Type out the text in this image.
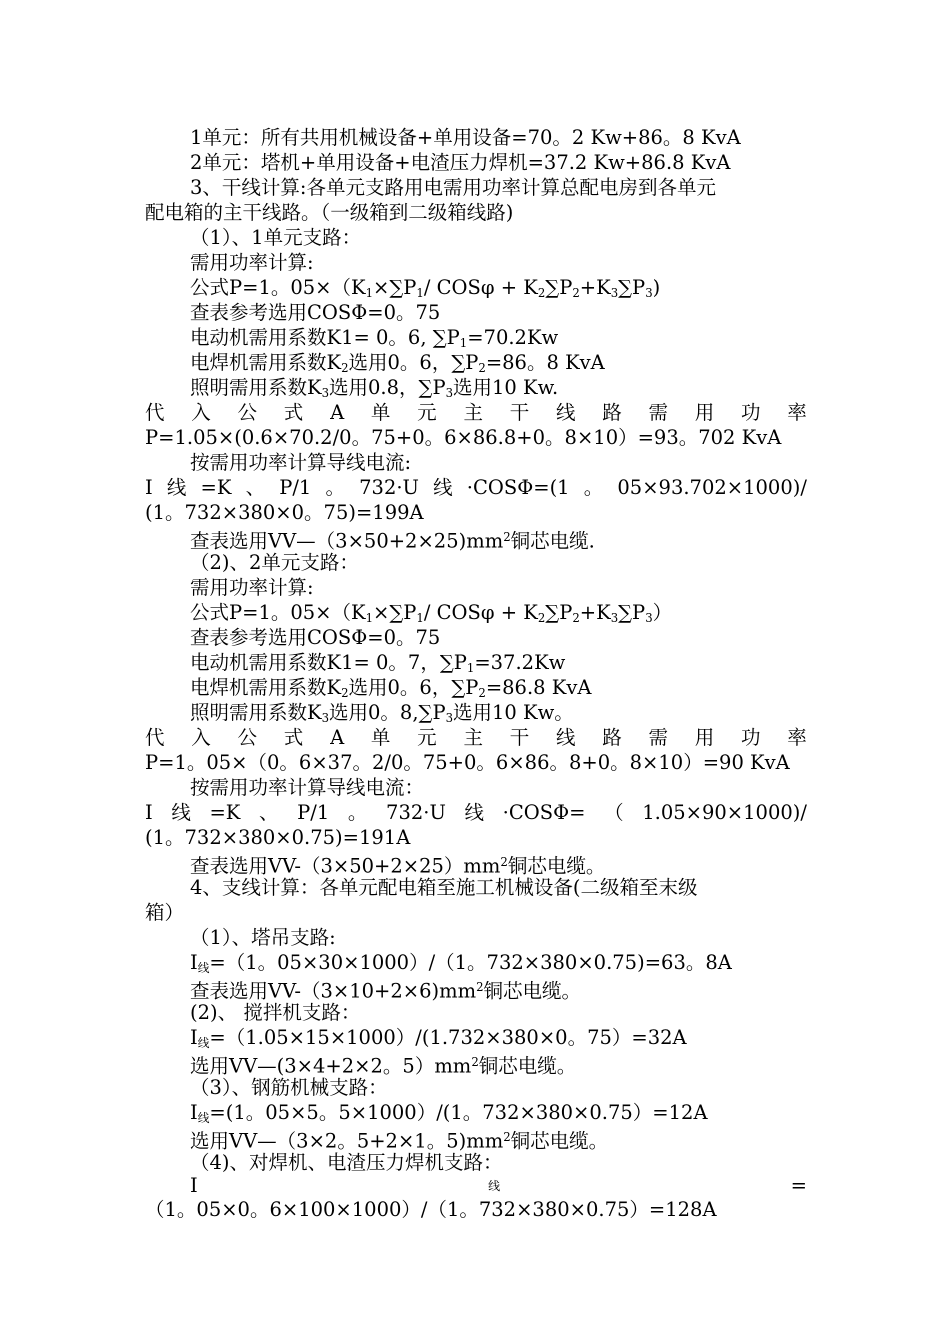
1单元：所有共用机械设备+单用设备=70。2 Kw+86。8 KvA
2单元：塔机+单用设备+电渣压力焊机=37.2 Kw+86.8 KvA
3、干线计算:各单元支路用电需用功率计算总配电房到各单元
配电箱的主干线路。（一级箱到二级箱线路)
（1）、1单元支路：
需用功率计算:
公式P=1。$05\times(K_1\times\sum P_1/$ $COS\varphi + K_2\sum P_2+K_3\sum P_3$)
查表参考选用COSΦ=0。75
电动机需用系数K1= 0。6, $\sum P_1=70.2Kw$
电焊机需用系数$K_2$选用0。6，$\sum P_2=86$。8 KvA
照明需用系数$K_3$选用0.8，$\sum P_3$选用10 Kw.
代 入 公 式 A 单 元 主 干 线 路 需 用 功 率
P=1.05×(0.6×70.2/0。75+0。6×86.8+0。8×10）=93。702 KvA
按需用功率计算导线电流:
I 线 =K 、 P/1 。 732·U 线 ·COSΦ=(1 。 05×93.702×1000)/
(1。732×380×0。75)=199A
查表选用$VV—(3\times 50+2\times 25)mm^2$铜芯电缆.
（2)、2单元支路：
需用功率计算:
公式P=1。$05\times(K_1\times\sum P_1/$ $COS\varphi + K_2\sum P_2+K_3\sum P_3$）
查表参考选用COSΦ=0。75
电动机需用系数K1= 0。7，$\sum P_1=37.2Kw$
电焊机需用系数$K_2$选用0。6，$\sum P_2=86.8$ KvA
照明需用系数$K_3$选用0。$8,\sum P_3$选用10 Kw。
代 入 公 式 A 单 元 主 干 线 路 需 用 功 率
P=1。05×（0。6×37。2/0。75+0。6×86。8+0。8×10）=90 KvA
按需用功率计算导线电流：
I 线 =K 、 P/1 。 732·U 线 ·COSΦ= （ 1.05×90×1000)/
(1。732×380×0.75)=191A
查表选用$VV-(3\times 50+2\times 25)mm^2$铜芯电缆。
4、支线计算：各单元配电箱至施工机械设备(二级箱至末级
箱）
（1）、塔吊支路:
$I_线=(1$。05×30×1000）/（1。732×380×0.75)=63。8A
查表选用$VV-(3\times 10+2\times 6)mm^2$铜芯电缆。
(2)、 搅拌机支路：
$I_线=(1.05\times 15\times 1000)/(1.732\times 380\times 0$。75）=32A
选用VV—(3×4+2×2。$5)mm^2$铜芯电缆。
（3）、钢筋机械支路：
$I_线=(1$。05×5。5×1000）/(1。732×380×0.75）=12A
选用VV—（3×2。5+2×1。$5)mm^2$铜芯电缆。
（4)、对焊机、电渣压力焊机支路：
I	线	=
（1。05×0。6×100×1000）/（1。732×380×0.75）=128A
